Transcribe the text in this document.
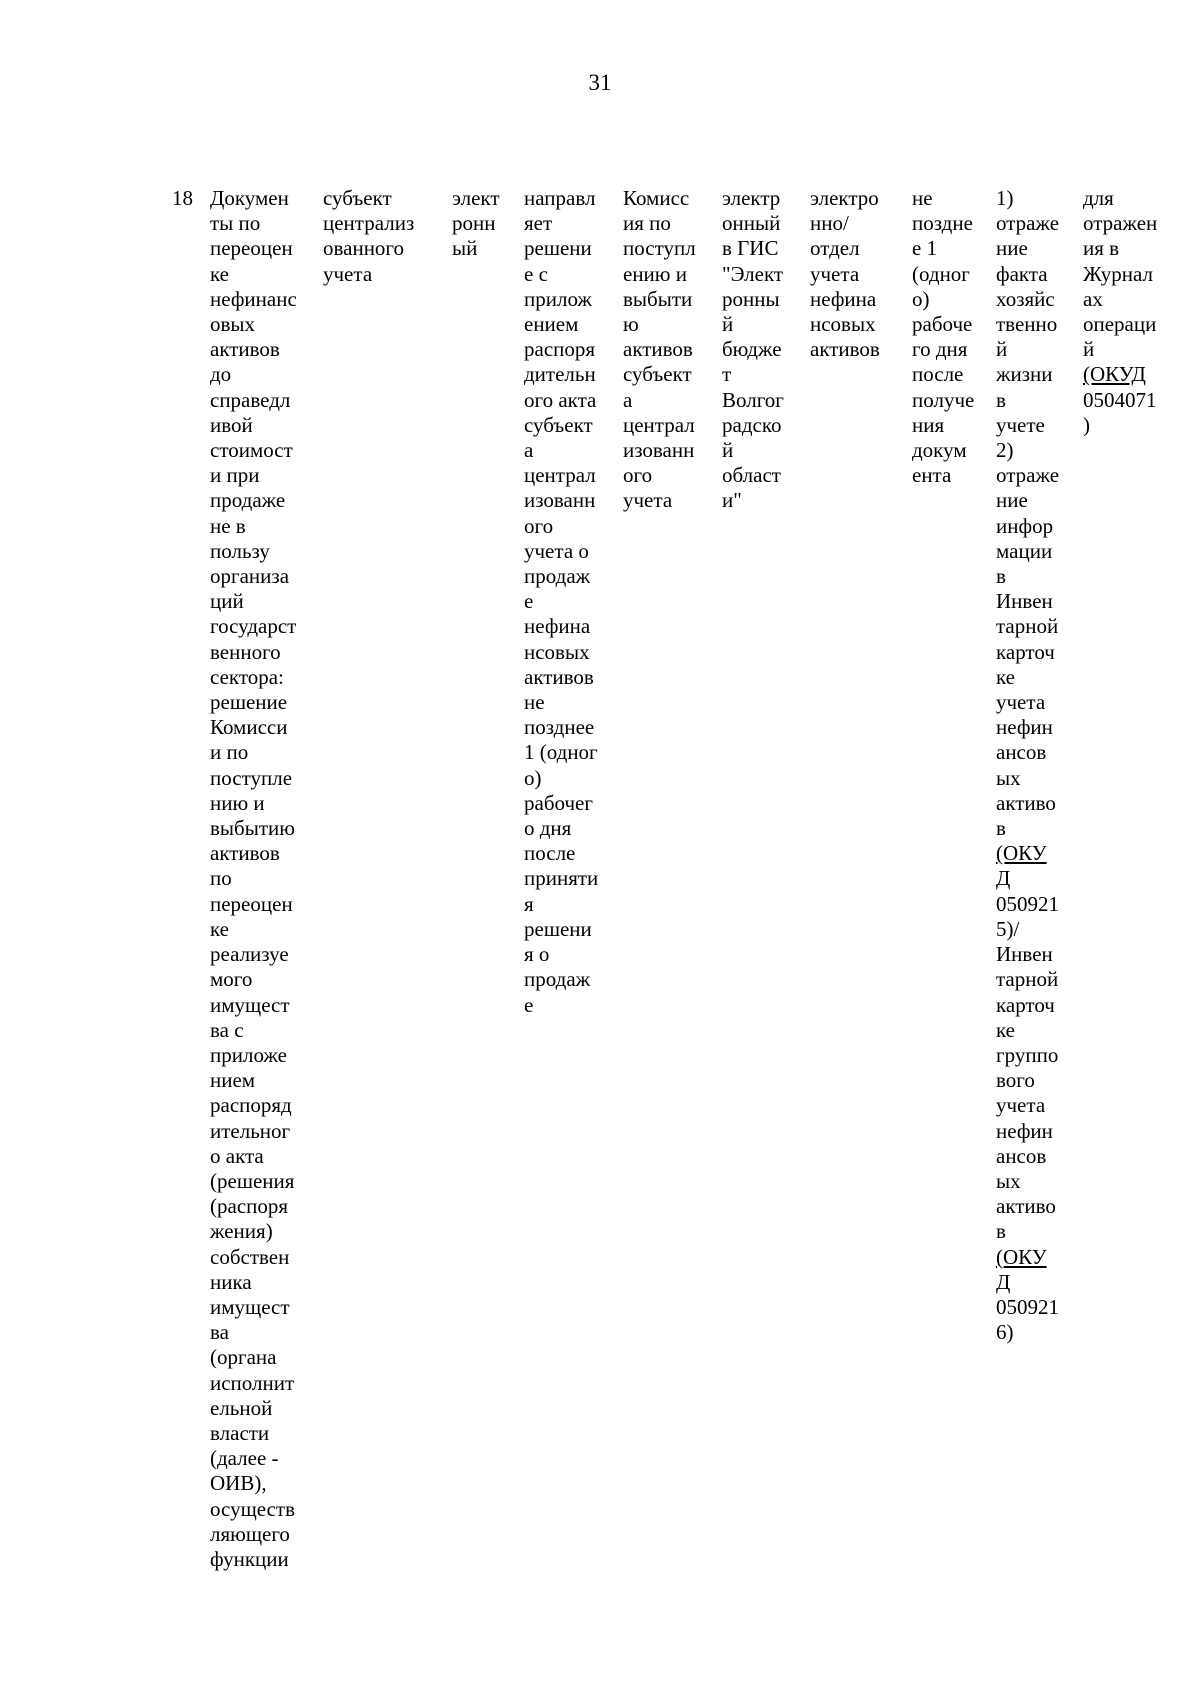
31
18 Докумен
ты по
переоцен
ке
нефинанс
овых
активов
до
справедл
ивой
стоимост
и при
продаже
не в
пользу
организа
ций
государст
венного
сектора:
решение
Комисси
и по
поступле
нию и
выбытию
активов
по
переоцен
ке
реализуе
мого
имущест
ва с
приложе
нием
распоряд
ительног
о акта
(решения
(распоря
жения)
собствен
ника
имущест
ва
(органа
исполнит
ельной
власти
(далее -
ОИВ),
осуществ
ляющего
функции
субъект
централиз
ованного
учета
элект
ронн
ый
направл
яет
решени
е с
прилож
ением
распоря
дительн
ого акта
субъект
а
централ
изованн
ого
учета о
продаж
е
нефина
нсовых
активов
не
позднее
1 (одног
о)
рабочег
о дня
после
приняти
я
решени
я о
продаж
е
Комисс
ия по
поступл
ению и
выбыти
ю
активов
субъект
а
централ
изованн
ого
учета
электр
онный
в ГИС
"Элект
ронны
й
бюдже
т
Волгог
радско
й
област
и"
электро
нно/
отдел
учета
нефина
нсовых
активов
не
поздне
е 1
(одног
о)
рабоче
го дня
после
получе
ния
докум
ента
1)
отраже
ние
факта
хозяйс
твенно
й
жизни
в
учете
2)
отраже
ние
инфор
мации
в
Инвен
тарной
карточ
ке
учета
нефин
ансов
ых
активо
в
(ОКУ
Д
050921
5)/
Инвен
тарной
карточ
ке
группо
вого
учета
нефин
ансов
ых
активо
в
(ОКУ
Д
050921
6)
для
отражен
ия в
Журнал
ах
операци
й
(ОКУД
0504071
)
